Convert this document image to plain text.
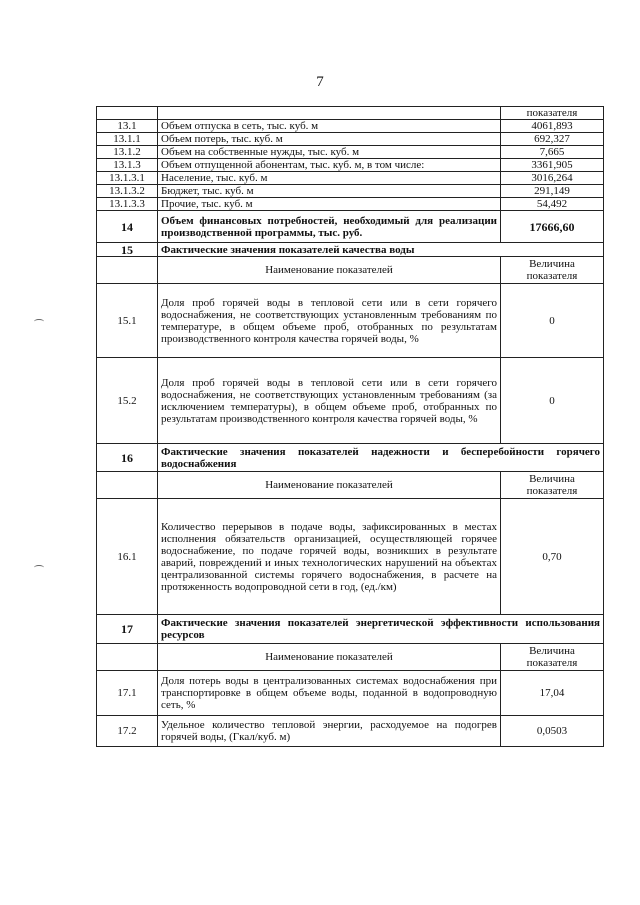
7
		показателя
13.1	Объем отпуска в сеть, тыс. куб. м	4061,893
13.1.1	Объем потерь, тыс. куб. м	692,327
13.1.2	Объем на собственные нужды, тыс. куб. м	7,665
13.1.3	Объем отпущенной абонентам, тыс. куб. м, в том числе:	3361,905
13.1.3.1	Население, тыс. куб. м	3016,264
13.1.3.2	Бюджет, тыс. куб. м	291,149
13.1.3.3	Прочие, тыс. куб. м	54,492
14	Объем финансовых потребностей, необходимый для реализации производственной программы, тыс. руб.	17666,60
15	Фактические значения показателей качества воды	
	Наименование показателей	Величина показателя
15.1	Доля проб горячей воды в тепловой сети или в сети горячего водоснабжения, не соответствующих установленным требованиям по температуре, в общем объеме проб, отобранных по результатам производственного контроля качества горячей воды, %	0
15.2	Доля проб горячей воды в тепловой сети или в сети горячего водоснабжения, не соответствующих установленным требованиям (за исключением температуры), в общем объеме проб, отобранных по результатам производственного контроля качества горячей воды, %	0
16	Фактические значения показателей надежности и бесперебойности горячего водоснабжения	
	Наименование показателей	Величина показателя
16.1	Количество перерывов в подаче воды, зафиксированных в местах исполнения обязательств организацией, осуществляющей горячее водоснабжение, по подаче горячей воды, возникших в результате аварий, повреждений и иных технологических нарушений на объектах централизованной системы горячего водоснабжения, в расчете на протяженность водопроводной сети в год, (ед./км)	0,70
17	Фактические значения показателей энергетической эффективности использования ресурсов	
	Наименование показателей	Величина показателя
17.1	Доля потерь воды в централизованных системах водоснабжения при транспортировке в общем объеме воды, поданной в водопроводную сеть, %	17,04
17.2	Удельное количество тепловой энергии, расходуемое на подогрев горячей воды, (Гкал/куб. м)	0,0503
